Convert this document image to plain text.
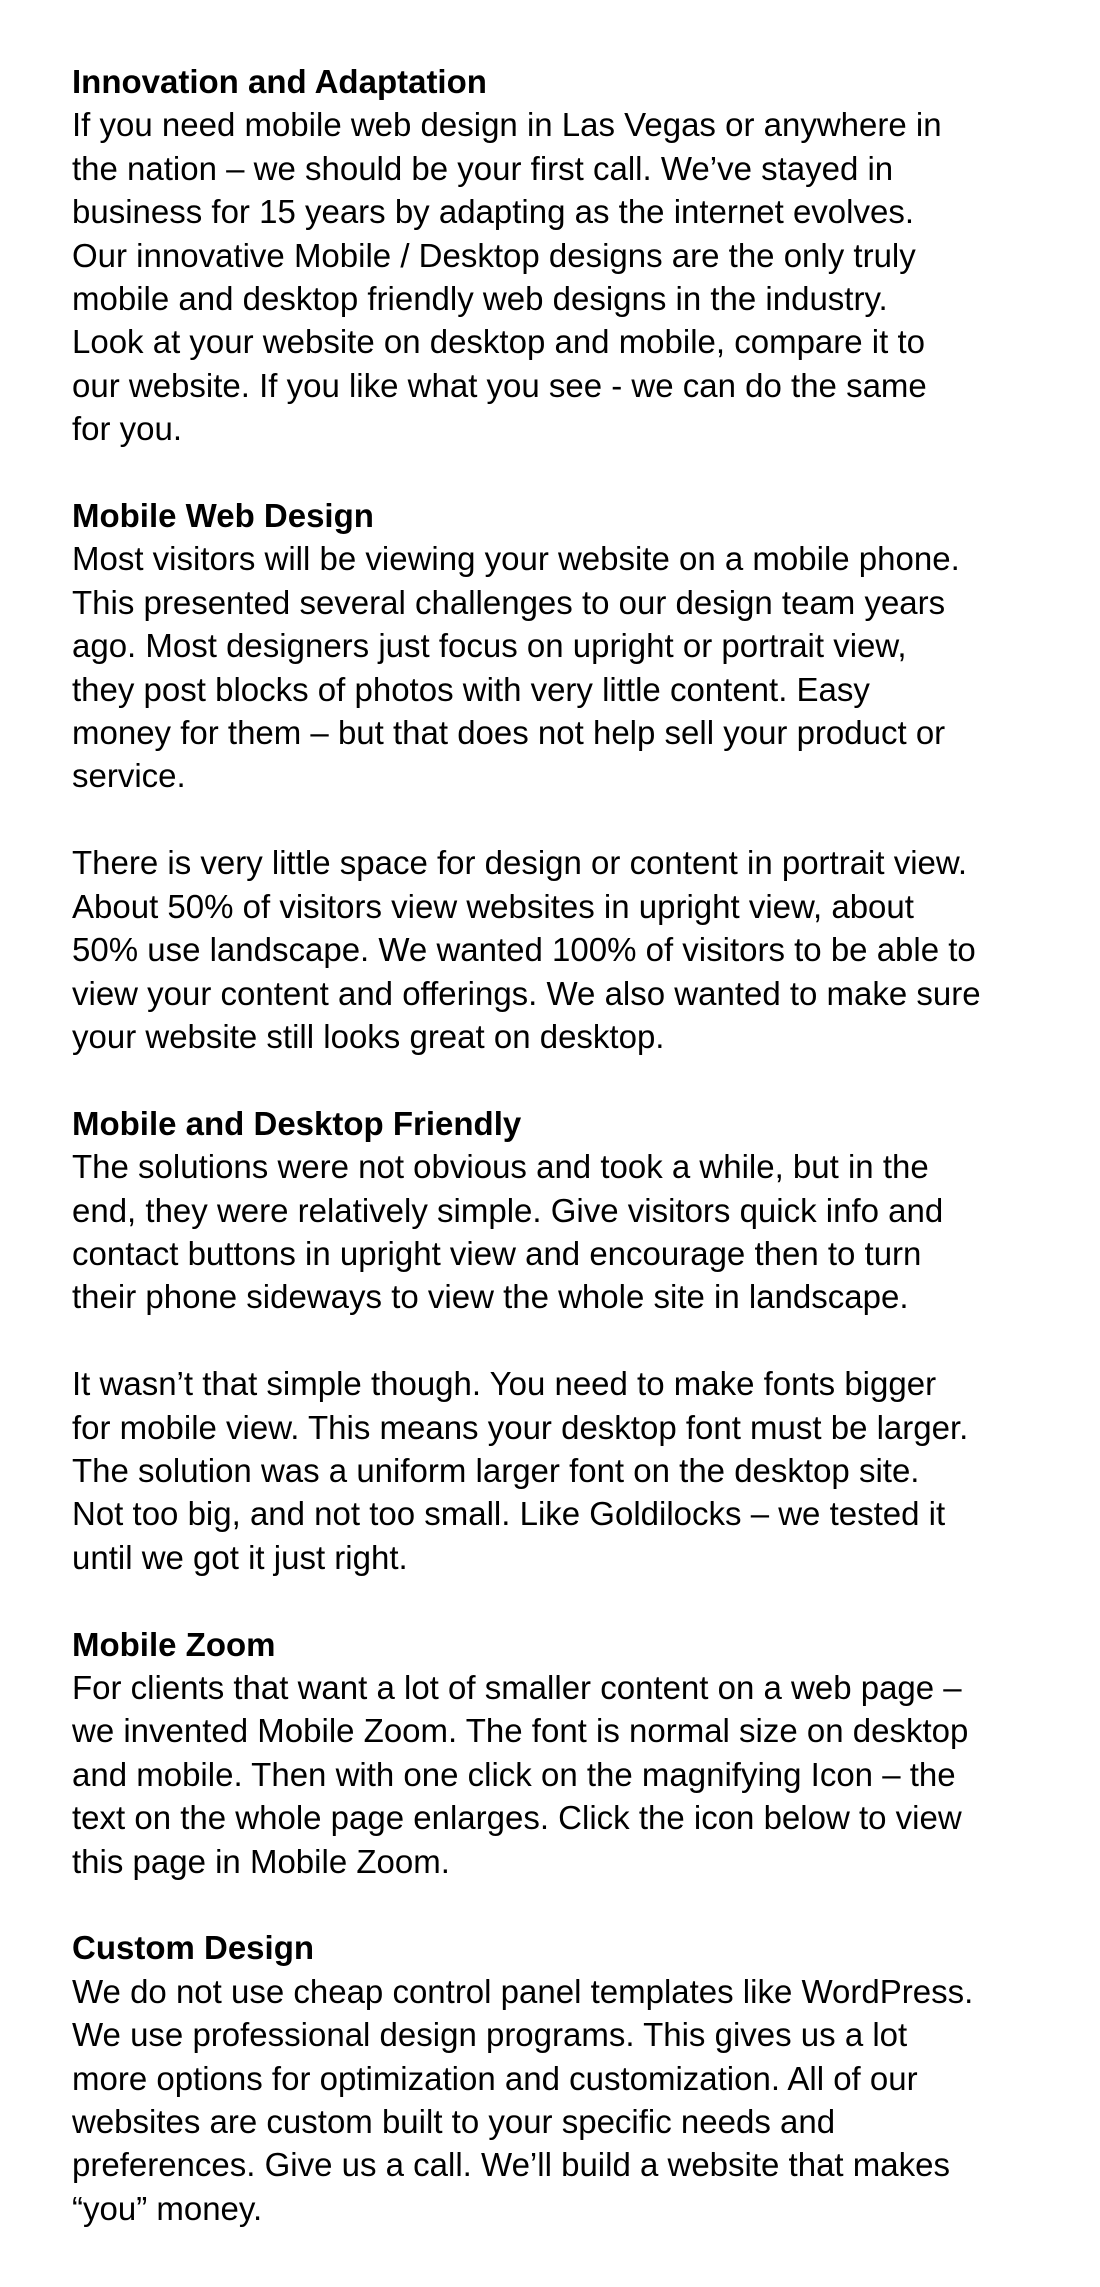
Innovation and Adaptation

If you need mobile web design in Las Vegas or anywhere in
the nation – we should be your first call. We’ve stayed in
business for 15 years by adapting as the internet evolves.
Our innovative Mobile / Desktop designs are the only truly
mobile and desktop friendly web designs in the industry.
Look at your website on desktop and mobile, compare it to
our website. If you like what you see - we can do the same
for you.

Mobile Web Design

Most visitors will be viewing your website on a mobile phone.
This presented several challenges to our design team years
ago. Most designers just focus on upright or portrait view,
they post blocks of photos with very little content. Easy
money for them – but that does not help sell your product or
service.

There is very little space for design or content in portrait view.
About 50% of visitors view websites in upright view, about
50% use landscape. We wanted 100% of visitors to be able to
view your content and offerings. We also wanted to make sure
your website still looks great on desktop.

Mobile and Desktop Friendly

The solutions were not obvious and took a while, but in the
end, they were relatively simple. Give visitors quick info and
contact buttons in upright view and encourage then to turn
their phone sideways to view the whole site in landscape.

It wasn’t that simple though. You need to make fonts bigger
for mobile view. This means your desktop font must be larger.
The solution was a uniform larger font on the desktop site.
Not too big, and not too small. Like Goldilocks – we tested it
until we got it just right.

Mobile Zoom

For clients that want a lot of smaller content on a web page –
we invented Mobile Zoom. The font is normal size on desktop
and mobile. Then with one click on the magnifying Icon – the
text on the whole page enlarges. Click the icon below to view
this page in Mobile Zoom.

Custom Design

We do not use cheap control panel templates like WordPress.
We use professional design programs. This gives us a lot
more options for optimization and customization. All of our
websites are custom built to your specific needs and
preferences. Give us a call. We’ll build a website that makes
“you” money.
